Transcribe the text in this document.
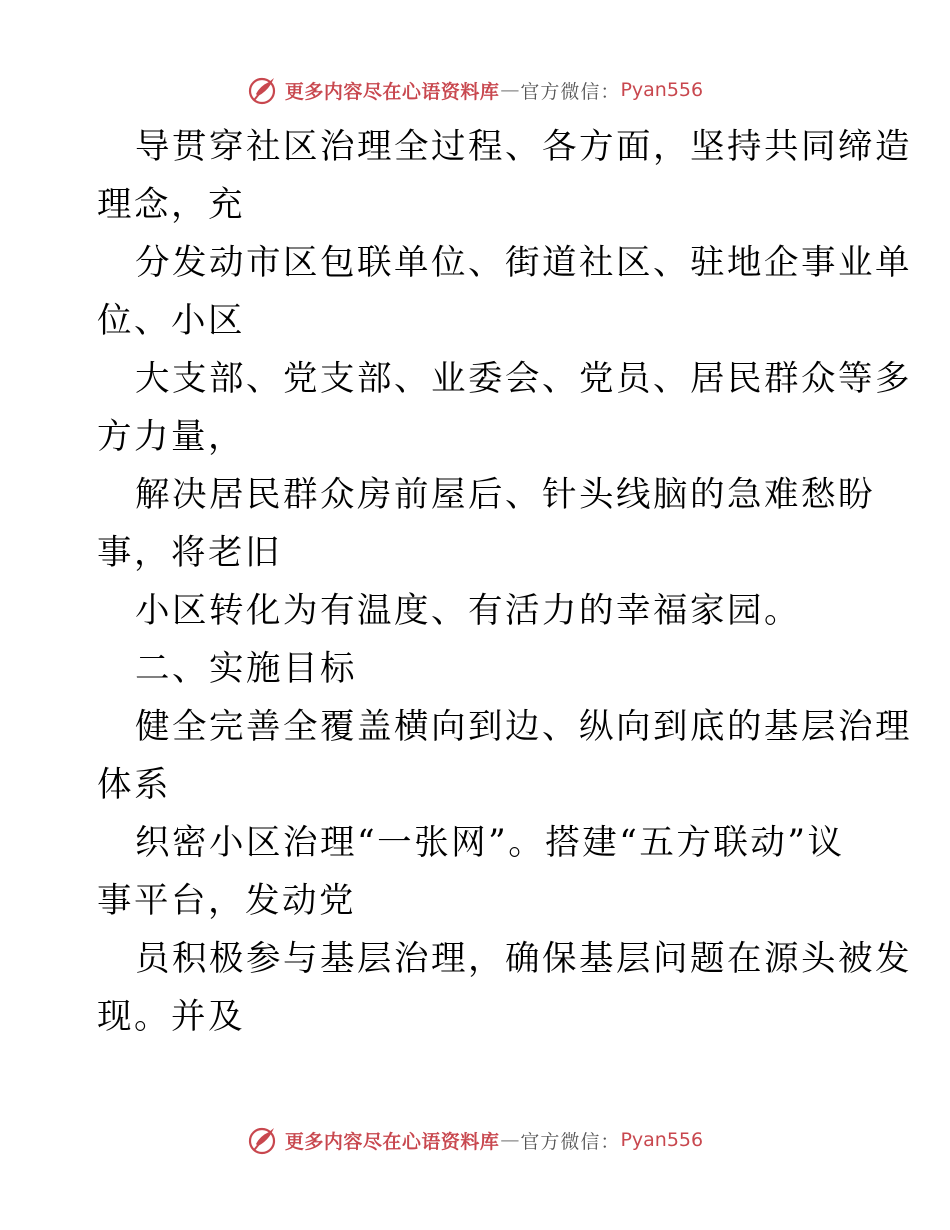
更多内容尽在心语资料库 — 官方微信： Pyan556
导贯穿社区治理全过程、各方面，坚持共同缔造
理念，充
分发动市区包联单位、街道社区、驻地企事业单
位、小区
大支部、党支部、业委会、党员、居民群众等多
方力量，
解决居民群众房前屋后、针头线脑的急难愁盼
事，将老旧
小区转化为有温度、有活力的幸福家园。
二、实施目标
健全完善全覆盖横向到边、纵向到底的基层治理
体系
织密小区治理“一张网”。搭建“五方联动”议
事平台，发动党
员积极参与基层治理，确保基层问题在源头被发
现。并及
更多内容尽在心语资料库 — 官方微信： Pyan556
